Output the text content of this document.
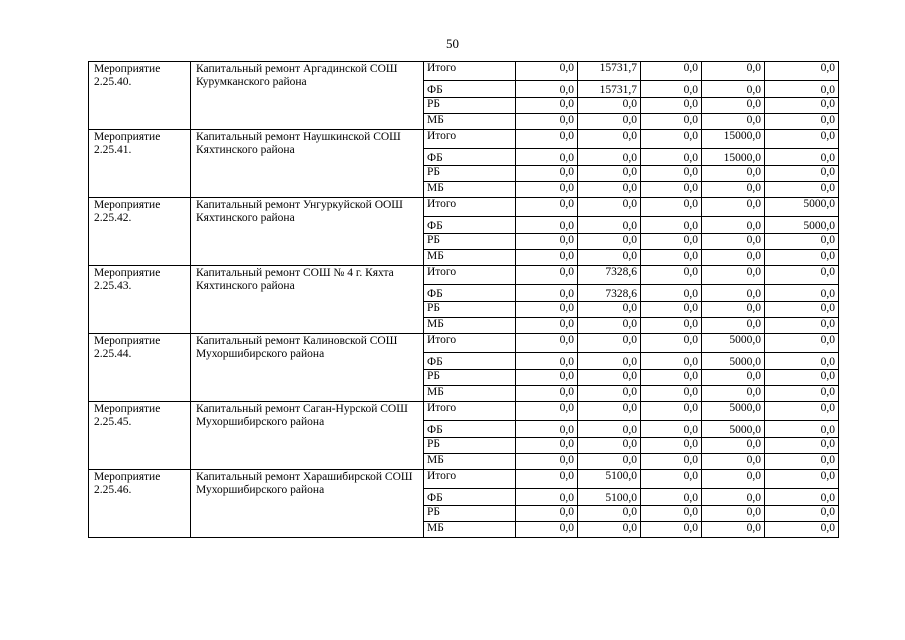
50
Мероприятие
2.25.40.	Капитальный ремонт Аргадинской СОШ Курумканского района	Итого	0,0	15731,7	0,0	0,0	0,0
		ФБ	0,0	15731,7	0,0	0,0	0,0
		РБ	0,0	0,0	0,0	0,0	0,0
		МБ	0,0	0,0	0,0	0,0	0,0

Мероприятие
2.25.41.	Капитальный ремонт Наушкинской СОШ Кяхтинского района	Итого	0,0	0,0	0,0	15000,0	0,0
		ФБ	0,0	0,0	0,0	15000,0	0,0
		РБ	0,0	0,0	0,0	0,0	0,0
		МБ	0,0	0,0	0,0	0,0	0,0

Мероприятие
2.25.42.	Капитальный ремонт Унгуркуйской ООШ Кяхтинского района	Итого	0,0	0,0	0,0	0,0	5000,0
		ФБ	0,0	0,0	0,0	0,0	5000,0
		РБ	0,0	0,0	0,0	0,0	0,0
		МБ	0,0	0,0	0,0	0,0	0,0

Мероприятие
2.25.43.	Капитальный ремонт СОШ № 4 г. Кяхта Кяхтинского района	Итого	0,0	7328,6	0,0	0,0	0,0
		ФБ	0,0	7328,6	0,0	0,0	0,0
		РБ	0,0	0,0	0,0	0,0	0,0
		МБ	0,0	0,0	0,0	0,0	0,0

Мероприятие
2.25.44.	Капитальный ремонт Калиновской СОШ Мухоршибирского района	Итого	0,0	0,0	0,0	5000,0	0,0
		ФБ	0,0	0,0	0,0	5000,0	0,0
		РБ	0,0	0,0	0,0	0,0	0,0
		МБ	0,0	0,0	0,0	0,0	0,0

Мероприятие
2.25.45.	Капитальный ремонт Саган-Нурской СОШ Мухоршибирского района	Итого	0,0	0,0	0,0	5000,0	0,0
		ФБ	0,0	0,0	0,0	5000,0	0,0
		РБ	0,0	0,0	0,0	0,0	0,0
		МБ	0,0	0,0	0,0	0,0	0,0

Мероприятие
2.25.46.	Капитальный ремонт Харашибирской СОШ Мухоршибирского района	Итого	0,0	5100,0	0,0	0,0	0,0
		ФБ	0,0	5100,0	0,0	0,0	0,0
		РБ	0,0	0,0	0,0	0,0	0,0
		МБ	0,0	0,0	0,0	0,0	0,0
